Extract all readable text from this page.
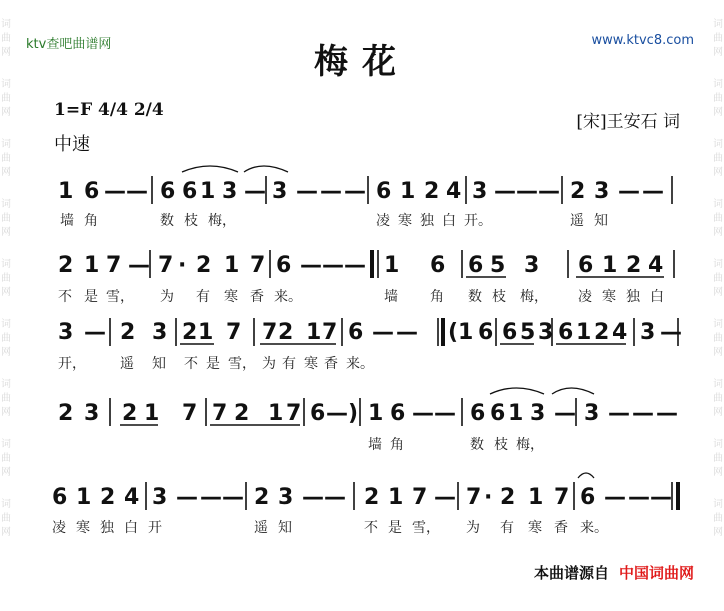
词
曲
网
词
曲
网
词
曲
网
词
曲
网
词
曲
网
词
曲
网
词
曲
网
词
曲
网
词
曲
网
词
曲
网
词
曲
网
词
曲
网
词
曲
网
词
曲
网
词
曲
网
词
曲
网
词
曲
网
词
曲
网
ktv查吧曲谱网	www.ktvc8.com
梅花
1=F 4/4 2/4
中速
[宋]王安石 词
1 6 — — 6 6 1 3 — 3 — — — 6 1 2 4 3 — — — 2 3 — —
墙 角	数 枝 梅，	凌 寒 独 白 开。	遥 知
2 1 7 — 7 · 2 1 7 6 — — — 1 6 6 5 3 6 1 2 4
不 是 雪， 为 有 寒 香 来。	墙 角 数 枝 梅， 凌 寒 独 白
3 — 2 3 2 1 7 7 2 1 7 6 — — (1 6 6 5 3 6 1 2 4 3 —
开， 遥 知 不 是 雪， 为 有 寒 香 来。
2 3 2 1 7 7 2 1 7 6 —) 1 6 — — 6 6 1 3 — 3 — — —
墙 角	数 枝 梅，
6 1 2 4 3 — — — 2 3 — — 2 1 7 — 7 · 2 1 7 6 — — —
凌 寒 独 白 开	遥 知	不 是 雪， 为 有 寒 香 来。
本曲谱源自 中国词曲网
